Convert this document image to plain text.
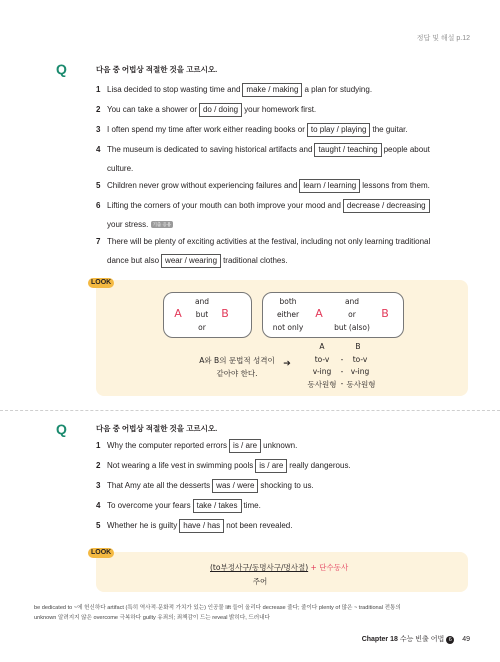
정답 및 해설 p.12
Q	다음 중 어법상 적절한 것을 고르시오.
1 Lisa decided to stop wasting time and make / making a plan for studying.
2 You can take a shower or do / doing your homework first.
3 I often spend my time after work either reading books or to play / playing the guitar.
4 The museum is dedicated to saving historical artifacts and taught / teaching people about
culture.
5 Children never grow without experiencing failures and learn / learning lessons from them.
6 Lifting the corners of your mouth can both improve your mood and decrease / decreasing
your stress. 기출 응용
7 There will be plenty of exciting activities at the festival, including not only learning traditional
dance but also wear / wearing traditional clothes.
LOOK
and
but
or
A	B
both
either
not only
A
and
or
but (also)
B
A와 B의 문법적 성격이
같아야 한다.
➔
A	B
to-v	-	to-v
v-ing	- v-ing
동사원형 - 동사원형
Q	다음 중 어법상 적절한 것을 고르시오.
1 Why the computer reported errors is / are unknown.
2 Not wearing a life vest in swimming pools is / are really dangerous.
3 That Amy ate all the desserts was / were shocking to us.
4 To overcome your fears take / takes time.
5 Whether he is guilty have / has not been revealed.
LOOK
(to부정사구/동명사구/명사절) + 단수동사
주어
be dedicated to ~에 헌신하다 artifact (특히 역사적·문화적 가치가 있는) 인공물 lift 들어 올리다 decrease 줄다; 줄이다 plenty of 많은 ~ traditional 전통의
unknown 알려지지 않은 overcome 극복하다 guilty 유죄의; 죄책감이 드는 reveal 밝히다, 드러내다
Chapter 18 수능 빈출 어법 6 49
